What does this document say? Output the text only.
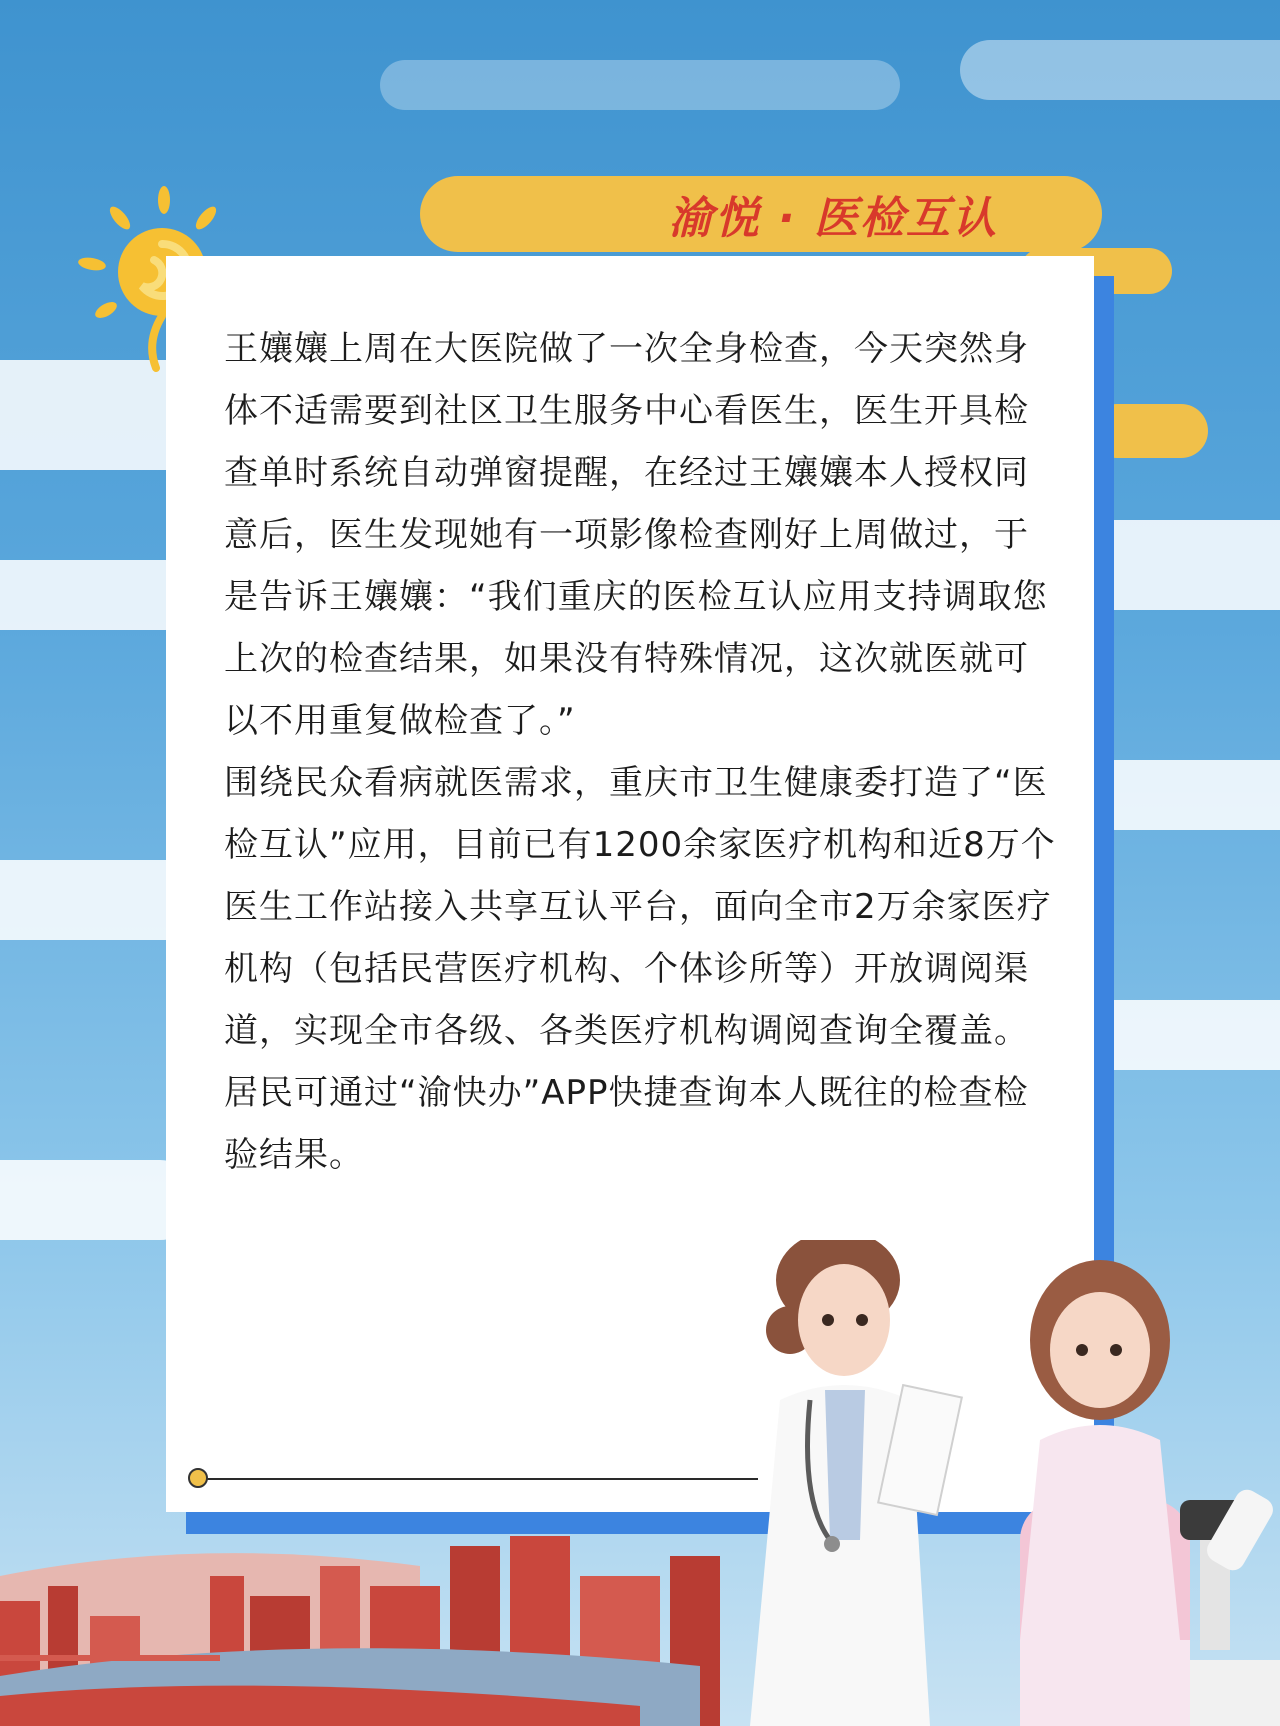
渝悦 · 医检互认

王孃孃上周在大医院做了一次全身检查，今天突然身体不适需要到社区卫生服务中心看医生，医生开具检查单时系统自动弹窗提醒，在经过王孃孃本人授权同意后，医生发现她有一项影像检查刚好上周做过，于是告诉王孃孃：“我们重庆的医检互认应用支持调取您上次的检查结果，如果没有特殊情况，这次就医就可以不用重复做检查了。”

围绕民众看病就医需求，重庆市卫生健康委打造了“医检互认”应用，目前已有1200余家医疗机构和近8万个医生工作站接入共享互认平台，面向全市2万余家医疗机构（包括民营医疗机构、个体诊所等）开放调阅渠道，实现全市各级、各类医疗机构调阅查询全覆盖。居民可通过“渝快办”APP快捷查询本人既往的检查检验结果。
